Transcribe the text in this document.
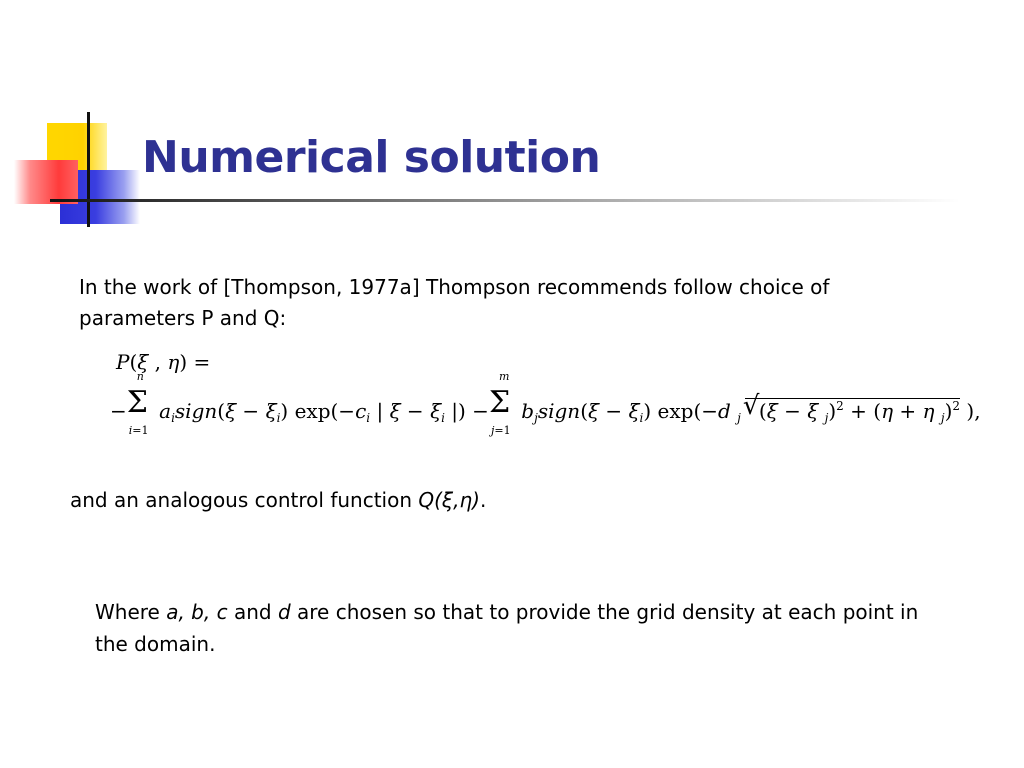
Numerical solution

In the work of [Thompson, 1977a] Thompson recommends follow choice of parameters P and Q:

P(ξ , η) =
− Σ
n
i=1
$a_isign(\xi - \xi_i)$ $\exp(-c_i$ | $\xi - \xi_i$ |) − Σ
m
j=1
$b_jsign(\xi - \xi_i)$ exp(−d $_j$√ (ξ − ξ $_j$)$^2$ + (η + η $_j$)$^2$ ),

and an analogous control function Q(ξ,η).

Where a, b, c and d are chosen so that to provide the grid density at each point in the domain.
